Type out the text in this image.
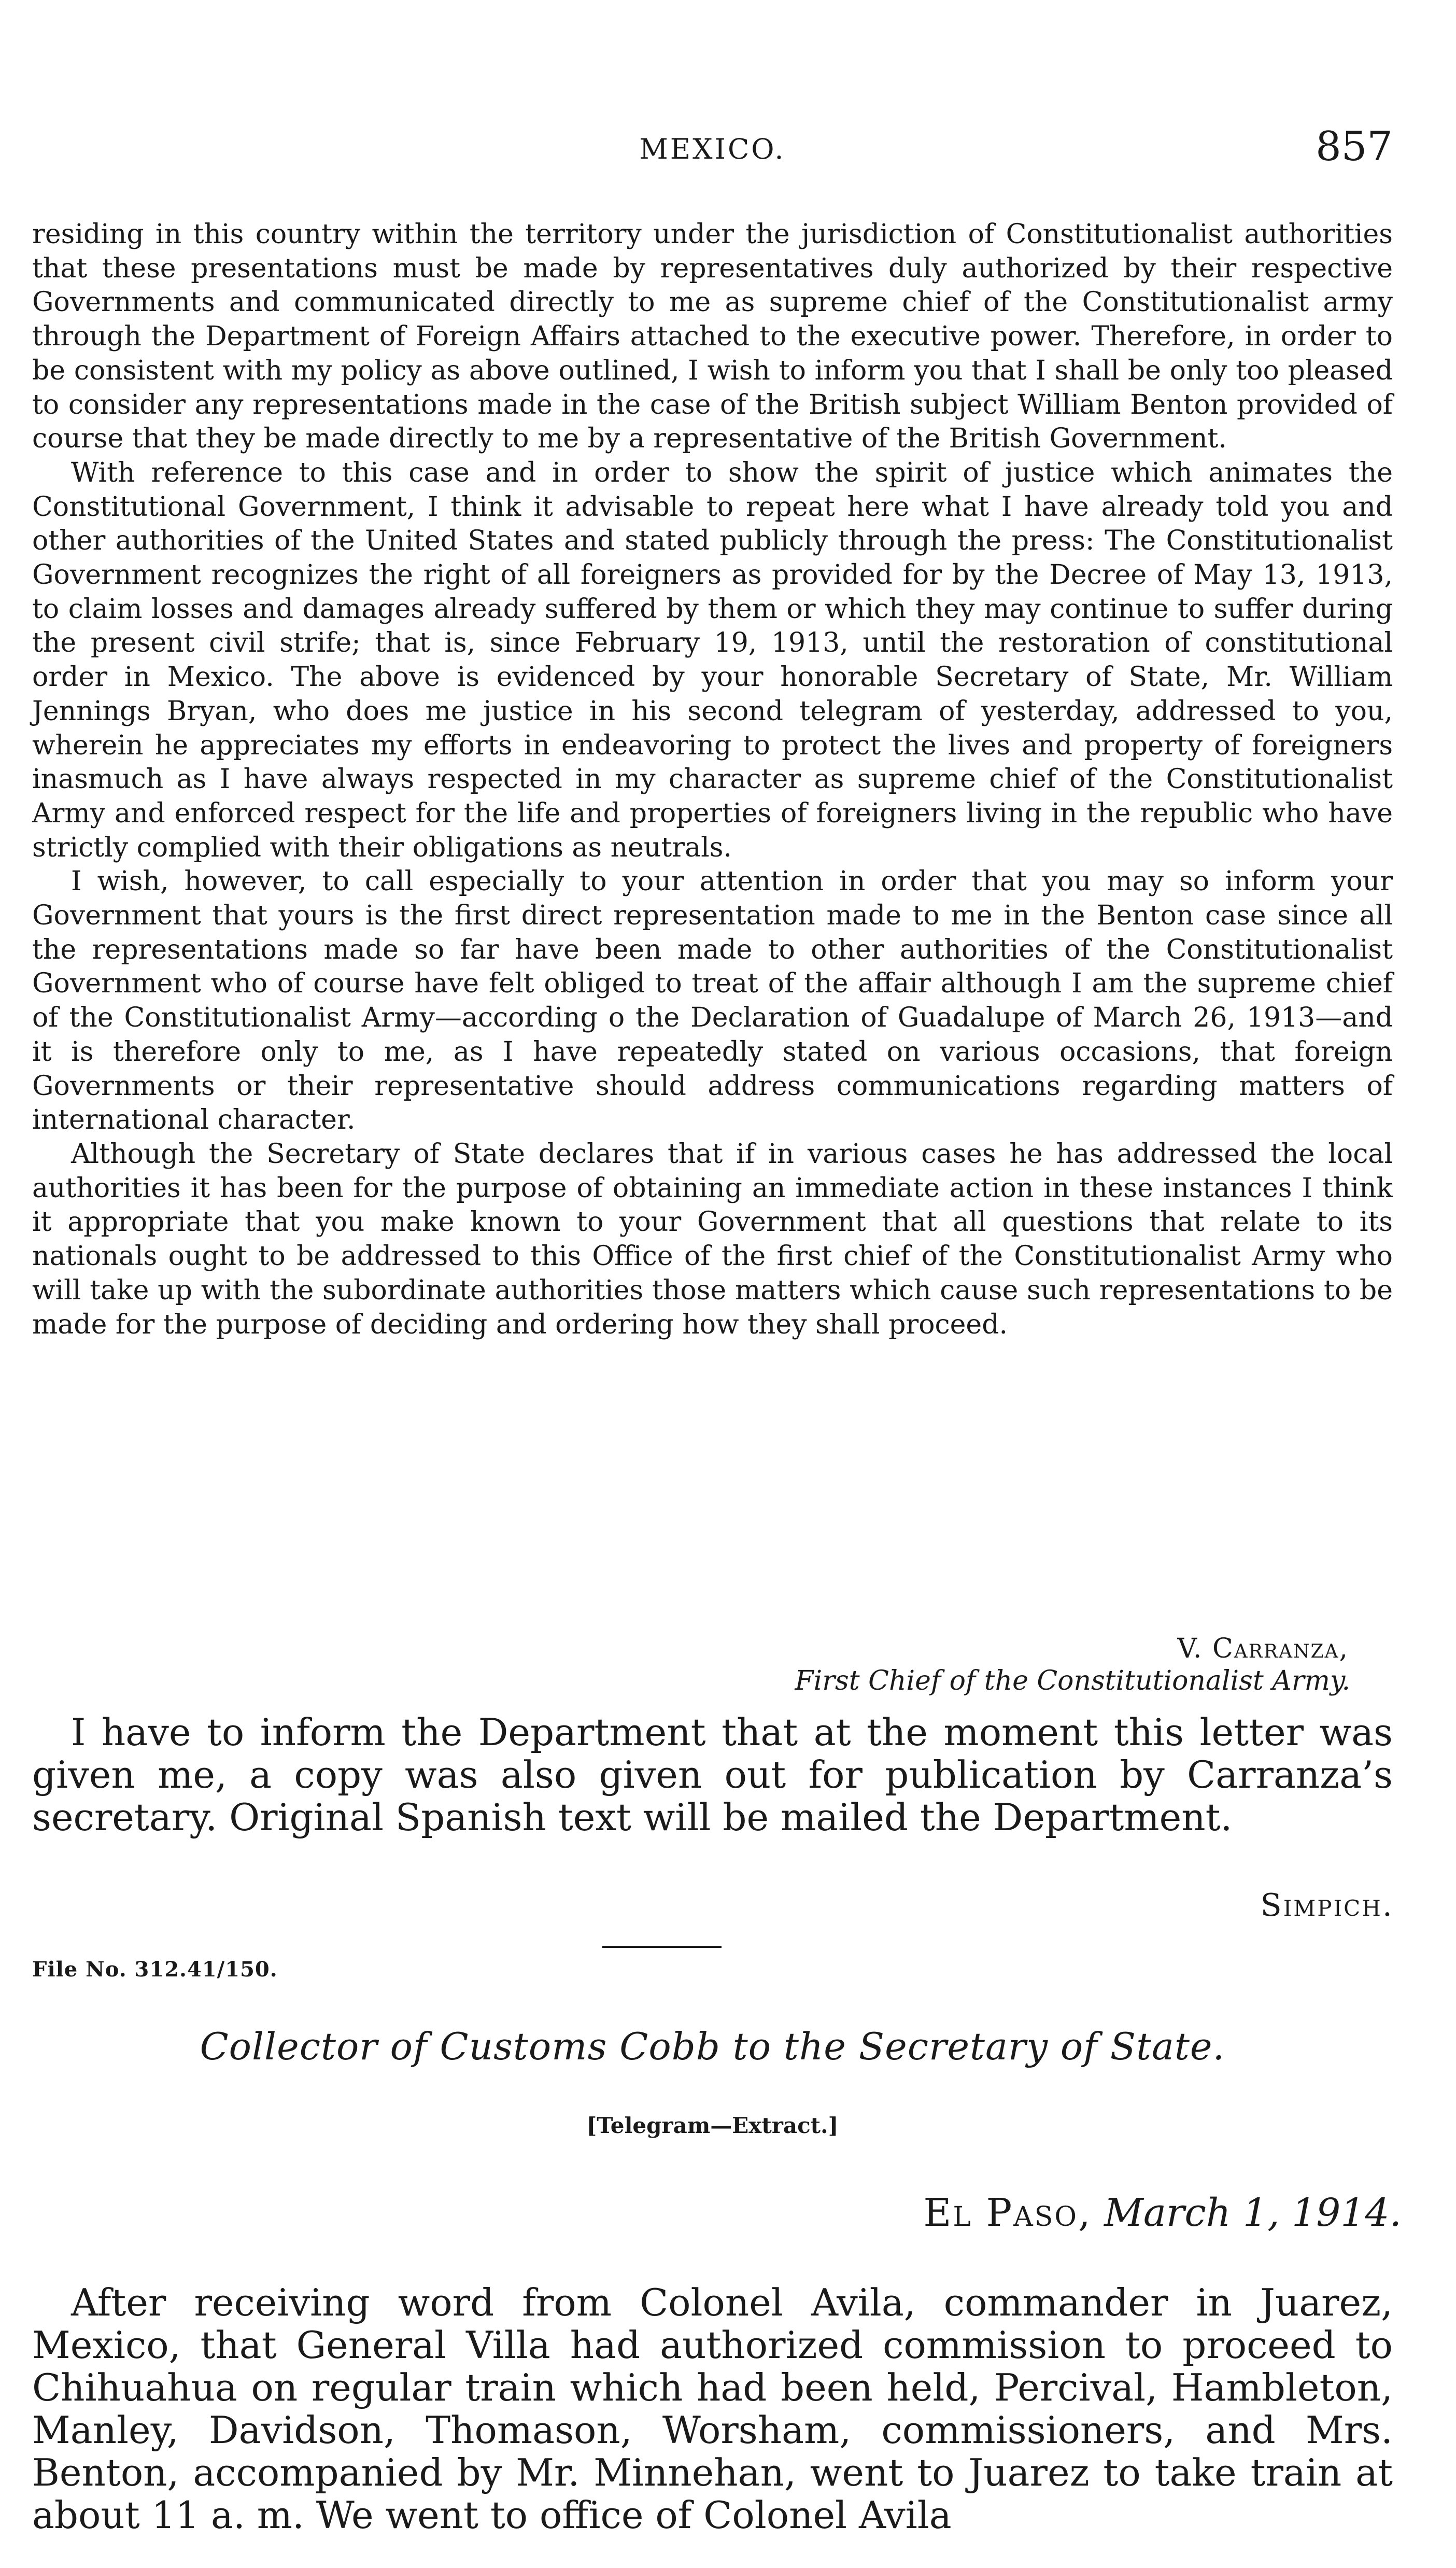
MEXICO.	857

residing in this country within the territory under the jurisdiction of Constitutionalist authorities that these presentations must be made by representatives duly authorized by their respective Governments and communicated directly to me as supreme chief of the Constitutionalist army through the Department of Foreign Affairs attached to the executive power. Therefore, in order to be consistent with my policy as above outlined, I wish to inform you that I shall be only too pleased to consider any representations made in the case of the British subject William Benton provided of course that they be made directly to me by a representative of the British Government.

With reference to this case and in order to show the spirit of justice which animates the Constitutional Government, I think it advisable to repeat here what I have already told you and other authorities of the United States and stated publicly through the press: The Constitutionalist Government recognizes the right of all foreigners as provided for by the Decree of May 13, 1913, to claim losses and damages already suffered by them or which they may continue to suffer during the present civil strife; that is, since February 19, 1913, until the restoration of constitutional order in Mexico. The above is evidenced by your honorable Secretary of State, Mr. William Jennings Bryan, who does me justice in his second telegram of yesterday, addressed to you, wherein he appreciates my efforts in endeavoring to protect the lives and property of foreigners inasmuch as I have always respected in my character as supreme chief of the Constitutionalist Army and enforced respect for the life and properties of foreigners living in the republic who have strictly complied with their obligations as neutrals.

I wish, however, to call especially to your attention in order that you may so inform your Government that yours is the first direct representation made to me in the Benton case since all the representations made so far have been made to other authorities of the Constitutionalist Government who of course have felt obliged to treat of the affair although I am the supreme chief of the Constitutionalist Army—according o the Declaration of Guadalupe of March 26, 1913—and it is therefore only to me, as I have repeatedly stated on various occasions, that foreign Governments or their representative should address communications regarding matters of international character.

Although the Secretary of State declares that if in various cases he has addressed the local authorities it has been for the purpose of obtaining an immediate action in these instances I think it appropriate that you make known to your Government that all questions that relate to its nationals ought to be addressed to this Office of the first chief of the Constitutionalist Army who will take up with the subordinate authorities those matters which cause such representations to be made for the purpose of deciding and ordering how they shall proceed.

V. Carranza,
First Chief of the Constitutionalist Army.

I have to inform the Department that at the moment this letter was given me, a copy was also given out for publication by Carranza’s secretary. Original Spanish text will be mailed the Department.

Simpich.
File No. 312.41/150.
Collector of Customs Cobb to the Secretary of State.
[Telegram—Extract.]
El Paso, March 1, 1914.

After receiving word from Colonel Avila, commander in Juarez, Mexico, that General Villa had authorized commission to proceed to Chihuahua on regular train which had been held, Percival, Hambleton, Manley, Davidson, Thomason, Worsham, commissioners, and Mrs. Benton, accompanied by Mr. Minnehan, went to Juarez to take train at about 11 a. m. We went to office of Colonel Avila
